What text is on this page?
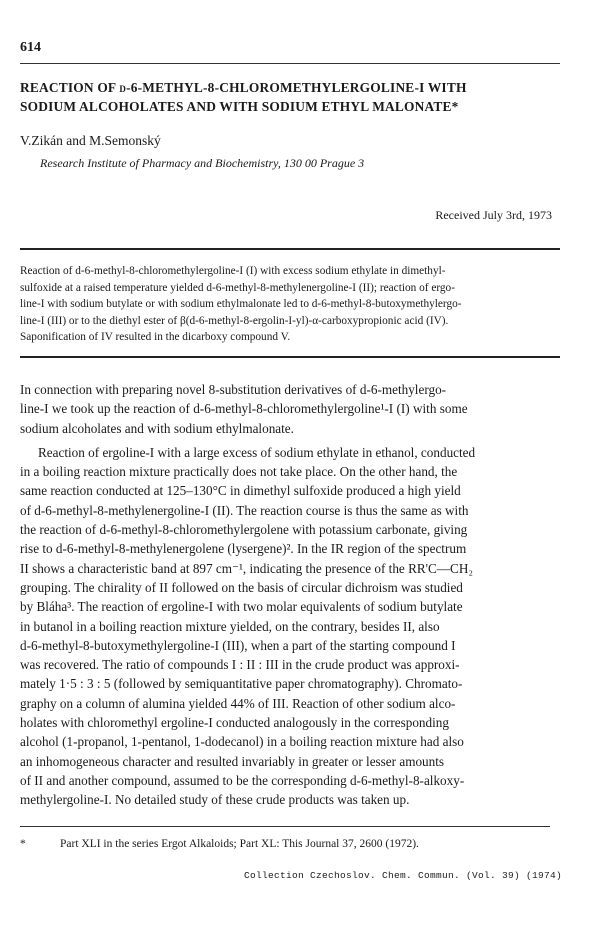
614
REACTION OF d-6-METHYL-8-CHLOROMETHYLERGOLINE-I WITH
SODIUM ALCOHOLATES AND WITH SODIUM ETHYL MALONATE*

V.Zikán and M.Semonský

Research Institute of Pharmacy and Biochemistry, 130 00 Prague 3

Received July 3rd, 1973

Reaction of d-6-methyl-8-chloromethylergoline-I (I) with excess sodium ethylate in dimethyl-
sulfoxide at a raised temperature yielded d-6-methyl-8-methylenergoline-I (II); reaction of ergo-
line-I with sodium butylate or with sodium ethylmalonate led to d-6-methyl-8-butoxymethylergo-
line-I (III) or to the diethyl ester of β(d-6-methyl-8-ergolin-I-yl)-α-carboxypropionic acid (IV).
Saponification of IV resulted in the dicarboxy compound V.

In connection with preparing novel 8-substitution derivatives of d-6-methylergo-
line-I we took up the reaction of d-6-methyl-8-chloromethylergoline¹-I (I) with some
sodium alcoholates and with sodium ethylmalonate.

Reaction of ergoline-I with a large excess of sodium ethylate in ethanol, conducted
in a boiling reaction mixture practically does not take place. On the other hand, the
same reaction conducted at 125–130°C in dimethyl sulfoxide produced a high yield
of d-6-methyl-8-methylenergoline-I (II). The reaction course is thus the same as with
the reaction of d-6-methyl-8-chloromethylergolene with potassium carbonate, giving
rise to d-6-methyl-8-methylenergolene (lysergene)². In the IR region of the spectrum
II shows a characteristic band at 897 cm⁻¹, indicating the presence of the RR'C—CH₂
grouping. The chirality of II followed on the basis of circular dichroism was studied
by Bláha³. The reaction of ergoline-I with two molar equivalents of sodium butylate
in butanol in a boiling reaction mixture yielded, on the contrary, besides II, also
d-6-methyl-8-butoxymethylergoline-I (III), when a part of the starting compound I
was recovered. The ratio of compounds I : II : III in the crude product was approxi-
mately 1·5 : 3 : 5 (followed by semiquantitative paper chromatography). Chromato-
graphy on a column of alumina yielded 44% of III. Reaction of other sodium alco-
holates with chloromethyl ergoline-I conducted analogously in the corresponding
alcohol (1-propanol, 1-pentanol, 1-dodecanol) in a boiling reaction mixture had also
an inhomogeneous character and resulted invariably in greater or lesser amounts
of II and another compound, assumed to be the corresponding d-6-methyl-8-alkoxy-
methylergoline-I. No detailed study of these crude products was taken up.

*	Part XLI in the series Ergot Alkaloids; Part XL: This Journal 37, 2600 (1972).

Collection Czechoslov. Chem. Commun. (Vol. 39) (1974)
